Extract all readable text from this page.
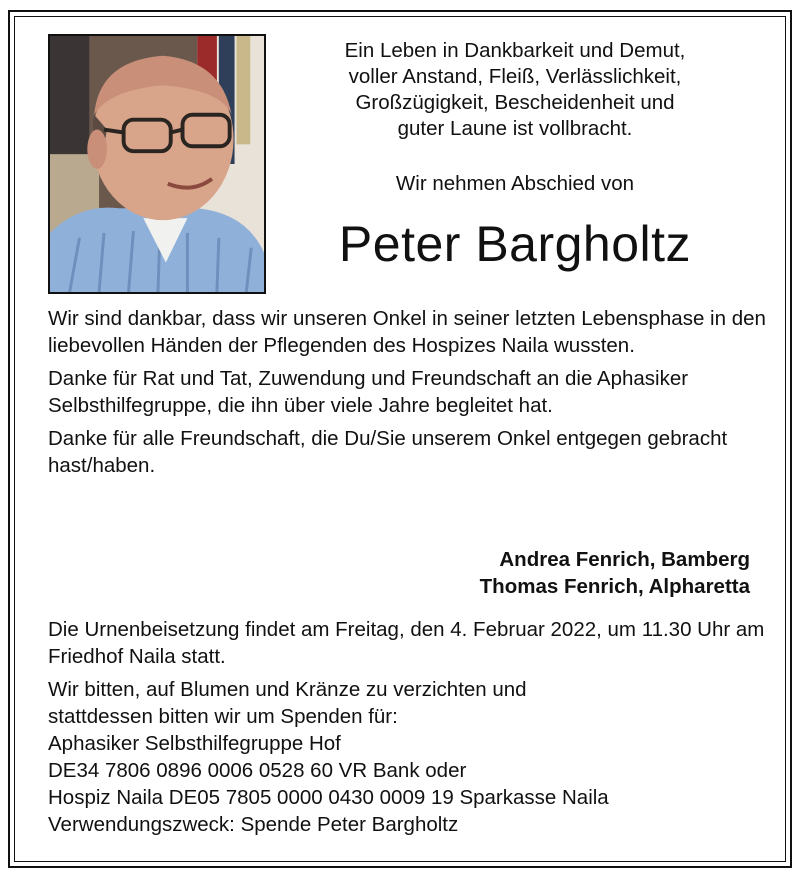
Ein Leben in Dankbarkeit und Demut,

voller Anstand, Fleiß, Verlässlichkeit,

Großzügigkeit, Bescheidenheit und

guter Laune ist vollbracht.

Wir nehmen Abschied von
Peter Bargholtz

Wir sind dankbar, dass wir unseren Onkel in seiner letzten Lebensphase in den liebevollen Händen der Pflegenden des Hospizes Naila wussten.

Danke für Rat und Tat, Zuwendung und Freundschaft an die Aphasiker Selbsthilfegruppe, die ihn über viele Jahre begleitet hat.

Danke für alle Freundschaft, die Du/Sie unserem Onkel entgegen gebracht hast/haben.

Andrea Fenrich, Bamberg
Thomas Fenrich, Alpharetta

Die Urnenbeisetzung findet am Freitag, den 4. Februar 2022, um 11.30 Uhr am Friedhof Naila statt.

Wir bitten, auf Blumen und Kränze zu verzichten und
stattdessen bitten wir um Spenden für:
Aphasiker Selbsthilfegruppe Hof
DE34 7806 0896 0006 0528 60 VR Bank oder
Hospiz Naila DE05 7805 0000 0430 0009 19 Sparkasse Naila
Verwendungszweck: Spende Peter Bargholtz
